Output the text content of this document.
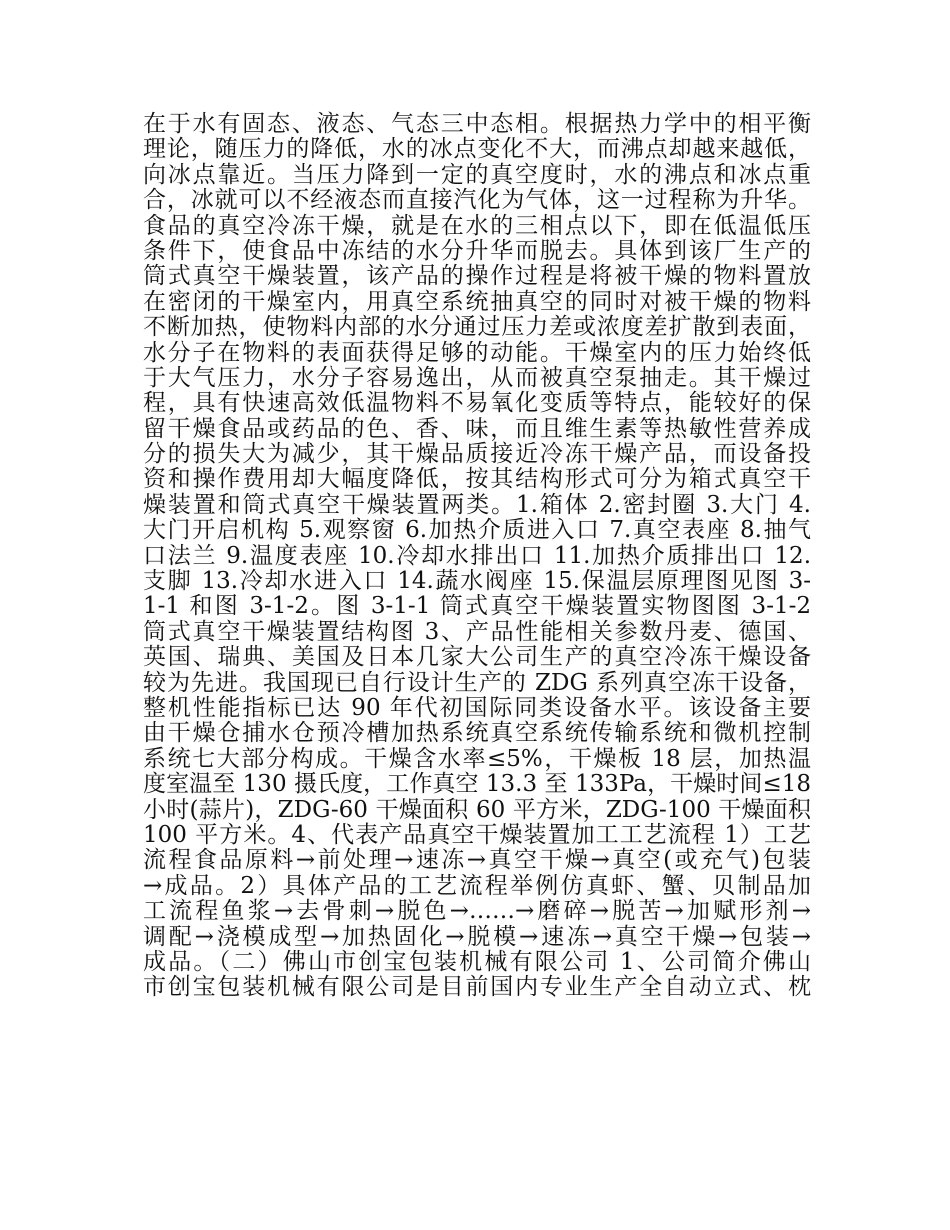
在于水有固态、液态、气态三中态相。根据热力学中的相平衡
理论，随压力的降低，水的冰点变化不大，而沸点却越来越低，
向冰点靠近。当压力降到一定的真空度时，水的沸点和冰点重
合，冰就可以不经液态而直接汽化为气体，这一过程称为升华。
食品的真空冷冻干燥，就是在水的三相点以下，即在低温低压
条件下，使食品中冻结的水分升华而脱去。具体到该厂生产的
筒式真空干燥装置，该产品的操作过程是将被干燥的物料置放
在密闭的干燥室内，用真空系统抽真空的同时对被干燥的物料
不断加热，使物料内部的水分通过压力差或浓度差扩散到表面，
水分子在物料的表面获得足够的动能。干燥室内的压力始终低
于大气压力，水分子容易逸出，从而被真空泵抽走。其干燥过
程，具有快速高效低温物料不易氧化变质等特点，能较好的保
留干燥食品或药品的色、香、味，而且维生素等热敏性营养成
分的损失大为减少，其干燥品质接近冷冻干燥产品，而设备投
资和操作费用却大幅度降低，按其结构形式可分为箱式真空干
燥装置和筒式真空干燥装置两类。1.箱体 2.密封圈 3.大门 4.
大门开启机构 5.观察窗 6.加热介质进入口 7.真空表座 8.抽气
口法兰 9.温度表座 10.冷却水排出口 11.加热介质排出口 12.
支脚 13.冷却水进入口 14.蔬水阀座 15.保温层原理图见图 3-
1-1 和图 3-1-2。图 3-1-1 筒式真空干燥装置实物图图 3-1-2
筒式真空干燥装置结构图 3、产品性能相关参数丹麦、德国、
英国、瑞典、美国及日本几家大公司生产的真空冷冻干燥设备
较为先进。我国现已自行设计生产的 ZDG 系列真空冻干设备，
整机性能指标已达 90 年代初国际同类设备水平。该设备主要
由干燥仓捕水仓预冷槽加热系统真空系统传输系统和微机控制
系统七大部分构成。干燥含水率≤5%，干燥板 18 层，加热温
度室温至 130 摄氏度，工作真空 13.3 至 133Pa，干燥时间≤18
小时(蒜片)，ZDG-60 干燥面积 60 平方米，ZDG-100 干燥面积
100 平方米。4、代表产品真空干燥装置加工工艺流程 1）工艺
流程食品原料→前处理→速冻→真空干燥→真空(或充气)包装
→成品。2）具体产品的工艺流程举例仿真虾、蟹、贝制品加
工流程鱼浆→去骨刺→脱色→……→磨碎→脱苦→加赋形剂→
调配→浇模成型→加热固化→脱模→速冻→真空干燥→包装→
成品。（二）佛山市创宝包装机械有限公司 1、公司简介佛山
市创宝包装机械有限公司是目前国内专业生产全自动立式、枕
